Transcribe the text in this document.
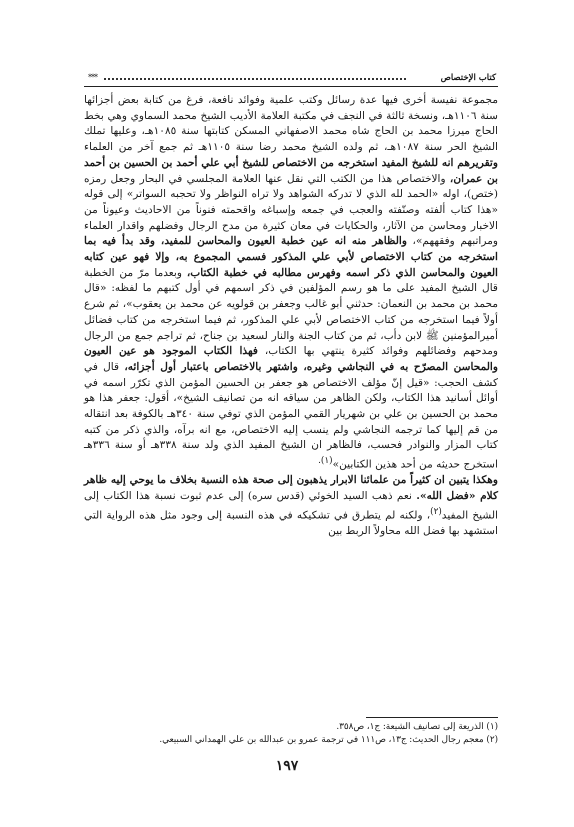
***	كتاب الإختصاص

مجموعة نفيسة أخرى فيها عدة رسائل وكتب علمية وفوائد نافعة، فرغ من كتابة بعض أجزائها سنة ١١٠٦هـ، ونسخة ثالثة في النجف في مكتبة العلامة الأديب الشيخ محمد السماوي وهي بخط الحاج ميرزا محمد بن الحاج شاه محمد الاصفهاني المسكن كتابتها سنة ١٠٨٥هـ، وعليها تملك الشيخ الحر سنة ١٠٨٧هـ، ثم ولده الشيخ محمد رضا سنة ١١٠٥هـ ثم جمع آخر من العلماء وتقريرهم انه للشيخ المفيد استخرجه من الاختصاص للشيخ أبي علي أحمد بن الحسين بن أحمد بن عمران، والاختصاص هذا من الكتب التي نقل عنها العلامة المجلسي في البحار وجعل رمزه (ختص)، اوله «الحمد لله الذي لا تدركه الشواهد ولا تراه النواظر ولا تحجبه السواتر» إلى قوله «هذا كتاب ألفته وصنّفته والعجب في جمعه وإسباغه واقحمته فنوناً من الاحاديث وعيوناً من الاخبار ومحاسن من الآثار، والحكايات في معان كثيرة من مدح الرجال وفضلهم واقدار العلماء ومراتبهم وفقههم»، والظاهر منه انه عين خطبة العيون والمحاسن للمفيد، وقد بدأ فيه بما استخرجه من كتاب الاختصاص لأبي علي المذكور فسمي المجموع به، وإلا فهو عين كتابه العيون والمحاسن الذي ذكر اسمه وفهرس مطالبه في خطبة الكتاب، وبعدما مرّ من الخطبة قال الشيخ المفيد على ما هو رسم المؤلفين في ذكر اسمهم في أول كتبهم ما لفظه: «قال محمد بن محمد بن النعمان: حدثني أبو غالب وجعفر بن قولويه عن محمد بن يعقوب»، ثم شرع أولاً فيما استخرجه من كتاب الاختصاص لأبي علي المذكور، ثم فيما استخرجه من كتاب فضائل أميرالمؤمنين ﷺ لابن دأب، ثم من كتاب الجنة والنار لسعيد بن جناح، ثم تراجم جمع من الرجال ومدحهم وفضائلهم وفوائد كثيرة ينتهي بها الكتاب، فهذا الكتاب الموجود هو عين العيون والمحاسن المصرّح به في النجاشي وغيره، واشتهر بالاختصاص باعتبار أول أجزائه، قال في كشف الحجب: «قيل إنّ مؤلف الاختصاص هو جعفر بن الحسين المؤمن الذي تكرّر اسمه في أوائل أسانيد هذا الكتاب، ولكن الظاهر من سياقه انه من تصانيف الشيخ»، أقول: جعفر هذا هو محمد بن الحسين بن علي بن شهريار القمي المؤمن الذي توفي سنة ٣٤٠هـ بالكوفة بعد انتقاله من قم إليها كما ترجمه النجاشي ولم ينسب إليه الاختصاص، مع انه برآه، والذي ذكر من كتبه كتاب المزار والنوادر فحسب، فالظاهر ان الشيخ المفيد الذي ولد سنة ٣٣٨هـ أو سنة ٣٣٦هـ استخرج حديثه من أحد هذين الكتابين»$^{(١).}$

وهكذا يتبين ان كثيراً من علمائنا الابرار يذهبون إلى صحة هذه النسبة بخلاف ما يوحي إليه ظاهر كلام «فضل الله». نعم ذهب السيد الخوئي (قدس سره) إلى عدم ثبوت نسبة هذا الكتاب إلى الشيخ المفيد$^{(٢)}$، ولكنه لم يتطرق في تشكيكه في هذه النسبة إلى وجود مثل هذه الرواية التي استشهد بها فضل الله محاولاً الربط بين

(١) الذريعة إلى تصانيف الشيعة: ج١، ص٣٥٨.

(٢) معجم رجال الحديث: ج١٣، ص١١١ في ترجمة عمرو بن عبدالله بن علي الهمداني السبيعي.

١٩٧
